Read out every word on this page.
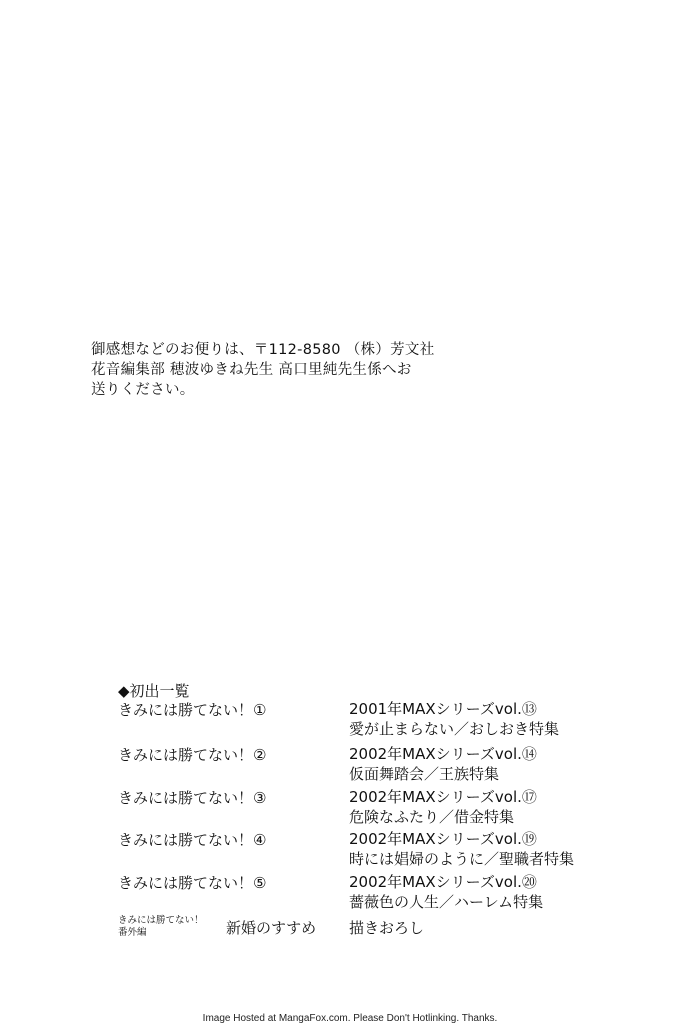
御感想などのお便りは、〒112-8580 （株）芳文社
花音編集部 穂波ゆきね先生 高口里純先生係へお
送りください。
◆初出一覧
きみには勝てない！①	2001年MAXシリーズvol.⑬
愛が止まらない／おしおき特集
きみには勝てない！②	2002年MAXシリーズvol.⑭
仮面舞踏会／王族特集
きみには勝てない！③	2002年MAXシリーズvol.⑰
危険なふたり／借金特集
きみには勝てない！④	2002年MAXシリーズvol.⑲
時には娼婦のように／聖職者特集
きみには勝てない！⑤	2002年MAXシリーズvol.⑳
薔薇色の人生／ハーレム特集
きみには勝てない！
番外編	新婚のすすめ 描きおろし
Image Hosted at MangaFox.com. Please Don't Hotlinking. Thanks.
